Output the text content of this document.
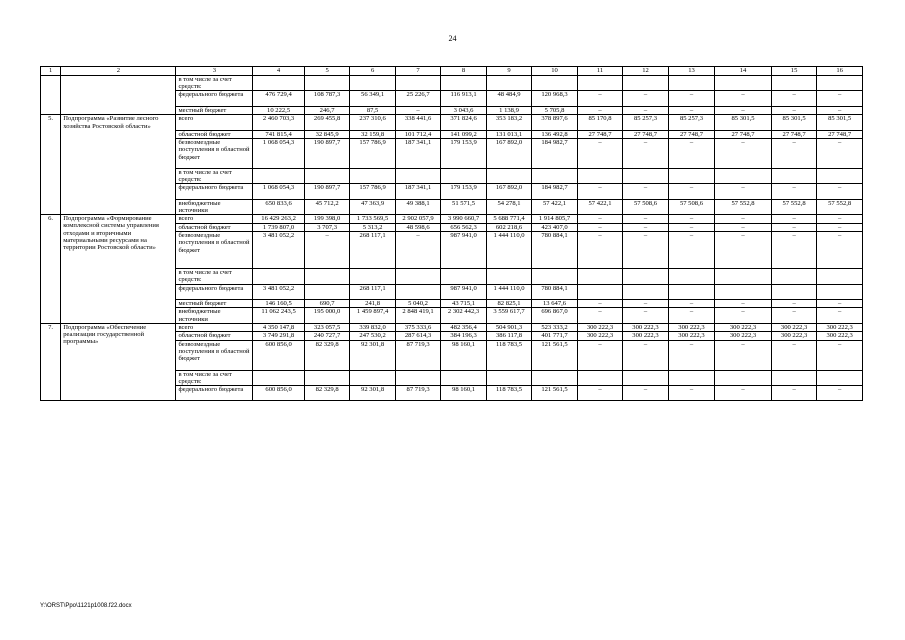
24
1	2	3	4	5	6	7	8	9	10	11	12	13	14	15	16
		в том числе за счет средств:													
		федерального бюджета	476 729,4	108 787,3	56 349,1	25 226,7	116 913,1	48 484,9	120 968,3	–	–	–	–	–	–
		местный бюджет	10 222,5	246,7	87,5	–	3 043,6	1 138,9	5 705,8	–	–	–	–	–	–
5.	Подпрограмма «Развитие лесного хозяйства Ростовской области»	всего	2 460 703,3	269 455,8	237 310,6	338 441,6	371 824,6	353 183,2	378 897,6	85 170,8	85 257,3	85 257,3	85 301,5	85 301,5	85 301,5
		областной бюджет	741 815,4	32 845,9	32 159,8	101 712,4	141 099,2	131 013,1	136 492,8	27 748,7	27 748,7	27 748,7	27 748,7	27 748,7	27 748,7
		безвозмездные поступления в областной бюджет	1 068 054,3	190 897,7	157 786,9	187 341,1	179 153,9	167 892,0	184 982,7	–	–	–	–	–	–
		в том числе за счет средств:													
		федерального бюджета	1 068 054,3	190 897,7	157 786,9	187 341,1	179 153,9	167 892,0	184 982,7	–	–	–	–	–	–
		внебюджетные источники	650 833,6	45 712,2	47 363,9	49 388,1	51 571,5	54 278,1	57 422,1	57 422,1	57 508,6	57 508,6	57 552,8	57 552,8	57 552,8
6.	Подпрограмма «Формирование комплексной системы управления отходами и вторичными материальными ресурсами на территории Ростовской области»	всего	16 429 263,2	199 398,0	1 733 569,5	2 902 057,9	3 990 660,7	5 688 771,4	1 914 805,7	–	–	–	–	–	–
		областной бюджет	1 739 807,0	3 707,3	5 313,2	48 598,6	656 562,3	602 218,6	423 407,0	–	–	–	–	–	–
		безвозмездные поступления в областной бюджет	3 481 052,2	–	268 117,1	–	987 941,0	1 444 110,0	780 884,1	–	–	–	–	–	–
		в том числе за счет средств:													
		федерального бюджета	3 481 052,2		268 117,1		987 941,0	1 444 110,0	780 884,1						
		местный бюджет	146 160,5	690,7	241,8	5 040,2	43 715,1	82 825,1	13 647,6	–	–	–	–	–	–
		внебюджетные источники	11 062 243,5	195 000,0	1 459 897,4	2 848 419,1	2 302 442,3	3 559 617,7	696 867,0	–	–	–	–	–	–
7.	Подпрограмма «Обеспечение реализации государственной программы»	всего	4 350 147,8	323 057,5	339 832,0	375 333,6	482 356,4	504 901,3	523 333,2	300 222,3	300 222,3	300 222,3	300 222,3	300 222,3	300 222,3
		областной бюджет	3 749 291,8	240 727,7	247 530,2	287 614,3	384 196,3	386 117,8	401 771,7	300 222,3	300 222,3	300 222,3	300 222,3	300 222,3	300 222,3
		безвозмездные поступления в областной бюджет	600 856,0	82 329,8	92 301,8	87 719,3	98 160,1	118 783,5	121 561,5	–	–	–	–	–	–
		в том числе за счет средств:													
		федерального бюджета	600 856,0	82 329,8	92 301,8	87 719,3	98 160,1	118 783,5	121 561,5	–	–	–	–	–	–
Y:\ORST\Ppo\1121p1008.f22.docx
